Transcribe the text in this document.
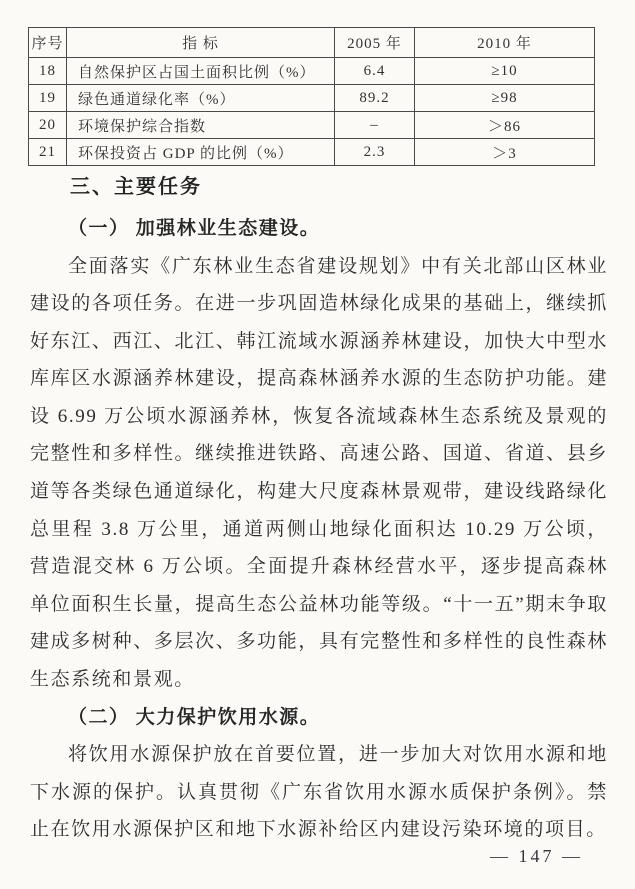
序号	指 标	2005 年	2010 年
18	自然保护区占国土面积比例（%）	6.4	≥10
19	绿色通道绿化率（%）	89.2	≥98
20	环境保护综合指数	–	＞86
21	环保投资占 GDP 的比例（%）	2.3	＞3
三、主要任务

（一） 加强林业生态建设。

全面落实《广东林业生态省建设规划》中有关北部山区林业建设的各项任务。在进一步巩固造林绿化成果的基础上，继续抓好东江、西江、北江、韩江流域水源涵养林建设，加快大中型水库库区水源涵养林建设，提高森林涵养水源的生态防护功能。建设 6.99 万公顷水源涵养林，恢复各流域森林生态系统及景观的完整性和多样性。继续推进铁路、高速公路、国道、省道、县乡道等各类绿色通道绿化，构建大尺度森林景观带，建设线路绿化总里程 3.8 万公里，通道两侧山地绿化面积达 10.29 万公顷，营造混交林 6 万公顷。全面提升森林经营水平，逐步提高森林单位面积生长量，提高生态公益林功能等级。“十一五”期末争取建成多树种、多层次、多功能，具有完整性和多样性的良性森林生态系统和景观。

（二） 大力保护饮用水源。

将饮用水源保护放在首要位置，进一步加大对饮用水源和地下水源的保护。认真贯彻《广东省饮用水源水质保护条例》。禁止在饮用水源保护区和地下水源补给区内建设污染环境的项目。

— 147 —
